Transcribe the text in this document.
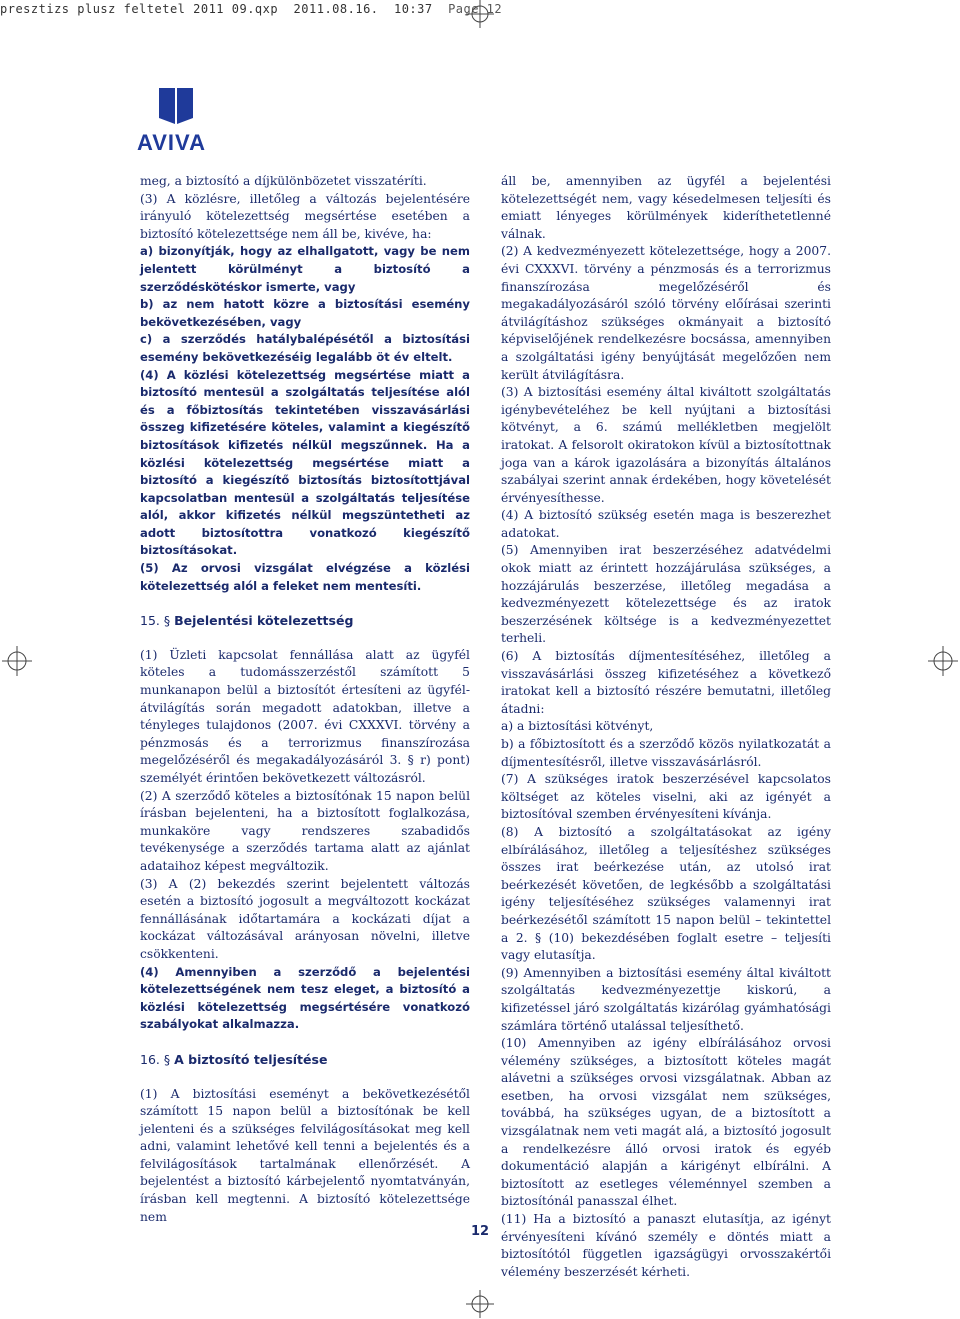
presztizs plusz feltetel 2011 09.qxp 2011.08.16. 10:37 Page 12
AVIVA

meg, a biztosító a díjkülönbözetet visszatéríti.

(3) A közlésre, illetőleg a változás bejelentésére irányuló kötelezettség megsértése esetében a biztosító kötelezettsége nem áll be, kivéve, ha:

a) bizonyítják, hogy az elhallgatott, vagy be nem jelentett körülményt a biztosító a szerződéskötéskor ismerte, vagy

b) az nem hatott közre a biztosítási esemény bekövetkezésében, vagy

c) a szerződés hatálybalépésétől a biztosítási esemény bekövetkezéséig legalább öt év eltelt.

(4) A közlési kötelezettség megsértése miatt a biztosító mentesül a szolgáltatás teljesítése alól és a főbiztosítás tekintetében visszavásárlási összeg kifizetésére köteles, valamint a kiegészítő biztosítások kifizetés nélkül megszűnnek. Ha a közlési kötelezettség megsértése miatt a biztosító a kiegészítő biztosítás biztosítottjával kapcsolatban mentesül a szolgáltatás teljesítése alól, akkor kifizetés nélkül megszüntetheti az adott biztosítottra vonatkozó kiegészítő biztosításokat.

(5) Az orvosi vizsgálat elvégzése a közlési kötelezettség alól a feleket nem mentesíti.

15. § Bejelentési kötelezettség

(1) Üzleti kapcsolat fennállása alatt az ügyfél köteles a tudomásszerzéstől számított 5 munkanapon belül a biztosítót értesíteni az ügyfél-átvilágítás során megadott adatokban, illetve a tényleges tulajdonos (2007. évi CXXXVI. törvény a pénzmosás és a terrorizmus finanszírozása megelőzéséről és megakadályozásáról 3. § r) pont) személyét érintően bekövetkezett változásról.

(2) A szerződő köteles a biztosítónak 15 napon belül írásban bejelenteni, ha a biztosított foglalkozása, munkaköre vagy rendszeres szabadidős tevékenysége a szerződés tartama alatt az ajánlat adataihoz képest megváltozik.

(3) A (2) bekezdés szerint bejelentett változás esetén a biztosító jogosult a megváltozott kockázat fennállásának időtartamára a kockázati díjat a kockázat változásával arányosan növelni, illetve csökkenteni.

(4) Amennyiben a szerződő a bejelentési kötelezettségének nem tesz eleget, a biztosító a közlési kötelezettség megsértésére vonatkozó szabályokat alkalmazza.

16. § A biztosító teljesítése

(1) A biztosítási eseményt a bekövetkezésétől számított 15 napon belül a biztosítónak be kell jelenteni és a szükséges felvilágosításokat meg kell adni, valamint lehetővé kell tenni a bejelentés és a felvilágosítások tartalmának ellenőrzését. A bejelentést a biztosító kárbejelentő nyomtatványán, írásban kell megtenni. A biztosító kötelezettsége nem

áll be, amennyiben az ügyfél a bejelentési kötelezettségét nem, vagy késedelmesen teljesíti és emiatt lényeges körülmények kideríthetetlenné válnak.

(2) A kedvezményezett kötelezettsége, hogy a 2007. évi CXXXVI. törvény a pénzmosás és a terrorizmus finanszírozása megelőzéséről és megakadályozásáról szóló törvény előírásai szerinti átvilágításhoz szükséges okmányait a biztosító képviselőjének rendelkezésre bocsássa, amennyiben a szolgáltatási igény benyújtását megelőzően nem került átvilágításra.

(3) A biztosítási esemény által kiváltott szolgáltatás igénybevételéhez be kell nyújtani a biztosítási kötvényt, a 6. számú mellékletben megjelölt iratokat. A felsorolt okiratokon kívül a biztosítottnak joga van a károk igazolására a bizonyítás általános szabályai szerint annak érdekében, hogy követelését érvényesíthesse.

(4) A biztosító szükség esetén maga is beszerezhet adatokat.

(5) Amennyiben irat beszerzéséhez adatvédelmi okok miatt az érintett hozzájárulása szükséges, a hozzájárulás beszerzése, illetőleg megadása a kedvezményezett kötelezettsége és az iratok beszerzésének költsége is a kedvezményezettet terheli.

(6) A biztosítás díjmentesítéséhez, illetőleg a visszavásárlási összeg kifizetéséhez a következő iratokat kell a biztosító részére bemutatni, illetőleg átadni:

a) a biztosítási kötvényt,

b) a főbiztosított és a szerződő közös nyilatkozatát a díjmentesítésről, illetve visszavásárlásról.

(7) A szükséges iratok beszerzésével kapcsolatos költséget az köteles viselni, aki az igényét a biztosítóval szemben érvényesíteni kívánja.

(8) A biztosító a szolgáltatásokat az igény elbírálásához, illetőleg a teljesítéshez szükséges összes irat beérkezése után, az utolsó irat beérkezését követően, de legkésőbb a szolgáltatási igény teljesítéséhez szükséges valamennyi irat beérkezésétől számított 15 napon belül – tekintettel a 2. § (10) bekezdésében foglalt esetre – teljesíti vagy elutasítja.

(9) Amennyiben a biztosítási esemény által kiváltott szolgáltatás kedvezményezettje kiskorú, a kifizetéssel járó szolgáltatás kizárólag gyámhatósági számlára történő utalással teljesíthető.

(10) Amennyiben az igény elbírálásához orvosi vélemény szükséges, a biztosított köteles magát alávetni a szükséges orvosi vizsgálatnak. Abban az esetben, ha orvosi vizsgálat nem szükséges, továbbá, ha szükséges ugyan, de a biztosított a vizsgálatnak nem veti magát alá, a biztosító jogosult a rendelkezésre álló orvosi iratok és egyéb dokumentáció alapján a kárigényt elbírálni. A biztosított az esetleges véleménnyel szemben a biztosítónál panasszal élhet.

(11) Ha a biztosító a panaszt elutasítja, az igényt érvényesíteni kívánó személy e döntés miatt a biztosítótól független igazságügyi orvosszakértői vélemény beszerzését kérheti.

12
